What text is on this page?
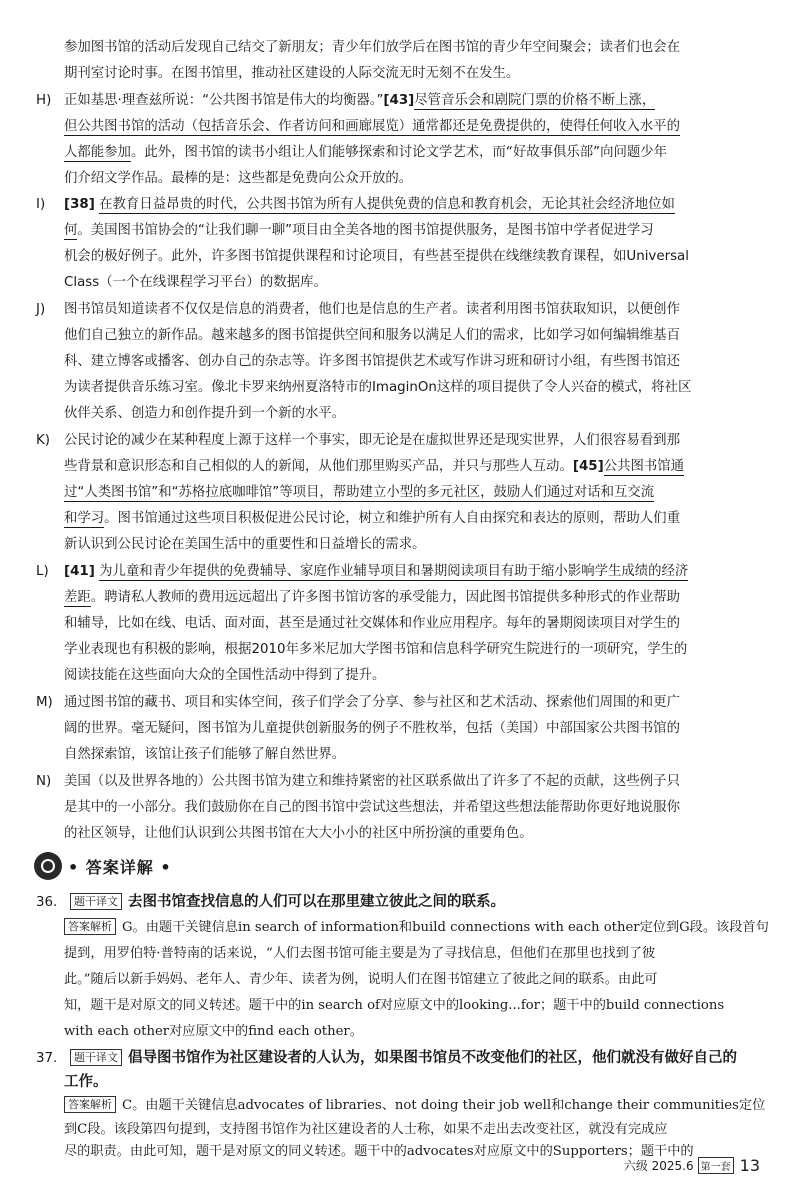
参加图书馆的活动后发现自己结交了新朋友；青少年们放学后在图书馆的青少年空间聚会；读者们也会在
期刊室讨论时事。在图书馆里，推动社区建设的人际交流无时无刻不在发生。
H) 正如基思·理查兹所说：“公共图书馆是伟大的均衡器。”[43]尽管音乐会和剧院门票的价格不断上涨，
但公共图书馆的活动（包括音乐会、作者访问和画廊展览）通常都还是免费提供的，使得任何收入水平的
人都能参加。此外，图书馆的读书小组让人们能够探索和讨论文学艺术，而“好故事俱乐部”向问题少年
们介绍文学作品。最棒的是：这些都是免费向公众开放的。
I) [38] 在教育日益昂贵的时代，公共图书馆为所有人提供免费的信息和教育机会，无论其社会经济地位如
何。美国图书馆协会的“让我们聊一聊”项目由全美各地的图书馆提供服务，是图书馆中学者促进学习
机会的极好例子。此外，许多图书馆提供课程和讨论项目，有些甚至提供在线继续教育课程，如Universal
Class（一个在线课程学习平台）的数据库。
J) 图书馆员知道读者不仅仅是信息的消费者，他们也是信息的生产者。读者利用图书馆获取知识，以便创作
他们自己独立的新作品。越来越多的图书馆提供空间和服务以满足人们的需求，比如学习如何编辑维基百
科、建立博客或播客、创办自己的杂志等。许多图书馆提供艺术或写作讲习班和研讨小组，有些图书馆还
为读者提供音乐练习室。像北卡罗来纳州夏洛特市的ImaginOn这样的项目提供了令人兴奋的模式，将社区
伙伴关系、创造力和创作提升到一个新的水平。
K) 公民讨论的减少在某种程度上源于这样一个事实，即无论是在虚拟世界还是现实世界，人们很容易看到那
些背景和意识形态和自己相似的人的新闻，从他们那里购买产品，并只与那些人互动。[45]公共图书馆通
过“人类图书馆”和“苏格拉底咖啡馆”等项目，帮助建立小型的多元社区，鼓励人们通过对话和互交流
和学习。图书馆通过这些项目积极促进公民讨论，树立和维护所有人自由探究和表达的原则，帮助人们重
新认识到公民讨论在美国生活中的重要性和日益增长的需求。
L) [41] 为儿童和青少年提供的免费辅导、家庭作业辅导项目和暑期阅读项目有助于缩小影响学生成绩的经济
差距。聘请私人教师的费用远远超出了许多图书馆访客的承受能力，因此图书馆提供多种形式的作业帮助
和辅导，比如在线、电话、面对面，甚至是通过社交媒体和作业应用程序。每年的暑期阅读项目对学生的
学业表现也有积极的影响，根据2010年多米尼加大学图书馆和信息科学研究生院进行的一项研究，学生的
阅读技能在这些面向大众的全国性活动中得到了提升。
M) 通过图书馆的藏书、项目和实体空间，孩子们学会了分享、参与社区和艺术活动、探索他们周围的和更广
阔的世界。毫无疑问，图书馆为儿童提供创新服务的例子不胜枚举，包括（美国）中部国家公共图书馆的
自然探索馆，该馆让孩子们能够了解自然世界。
N) 美国（以及世界各地的）公共图书馆为建立和维持紧密的社区联系做出了许多了不起的贡献，这些例子只
是其中的一小部分。我们鼓励你在自己的图书馆中尝试这些想法，并希望这些想法能帮助你更好地说服你
的社区领导，让他们认识到公共图书馆在大大小小的社区中所扮演的重要角色。
• 答案详解 •
36. 题干译文 去图书馆查找信息的人们可以在那里建立彼此之间的联系。
答案解析 G。由题干关键信息in search of information和build connections with each other定位到G段。该段首句
提到，用罗伯特·普特南的话来说，“人们去图书馆可能主要是为了寻找信息，但他们在那里也找到了彼
此。”随后以新手妈妈、老年人、青少年、读者为例，说明人们在图书馆建立了彼此之间的联系。由此可
知，题干是对原文的同义转述。题干中的in search of对应原文中的looking...for；题干中的build connections
with each other对应原文中的find each other。
37. 题干译文 倡导图书馆作为社区建设者的人认为，如果图书馆员不改变他们的社区，他们就没有做好自己的
工作。
答案解析 C。由题干关键信息advocates of libraries、not doing their job well和change their communities定位
到C段。该段第四句提到，支持图书馆作为社区建设者的人士称，如果不走出去改变社区，就没有完成应
尽的职责。由此可知，题干是对原文的同义转述。题干中的advocates对应原文中的Supporters；题干中的
六级 2025.6 第一套 13
